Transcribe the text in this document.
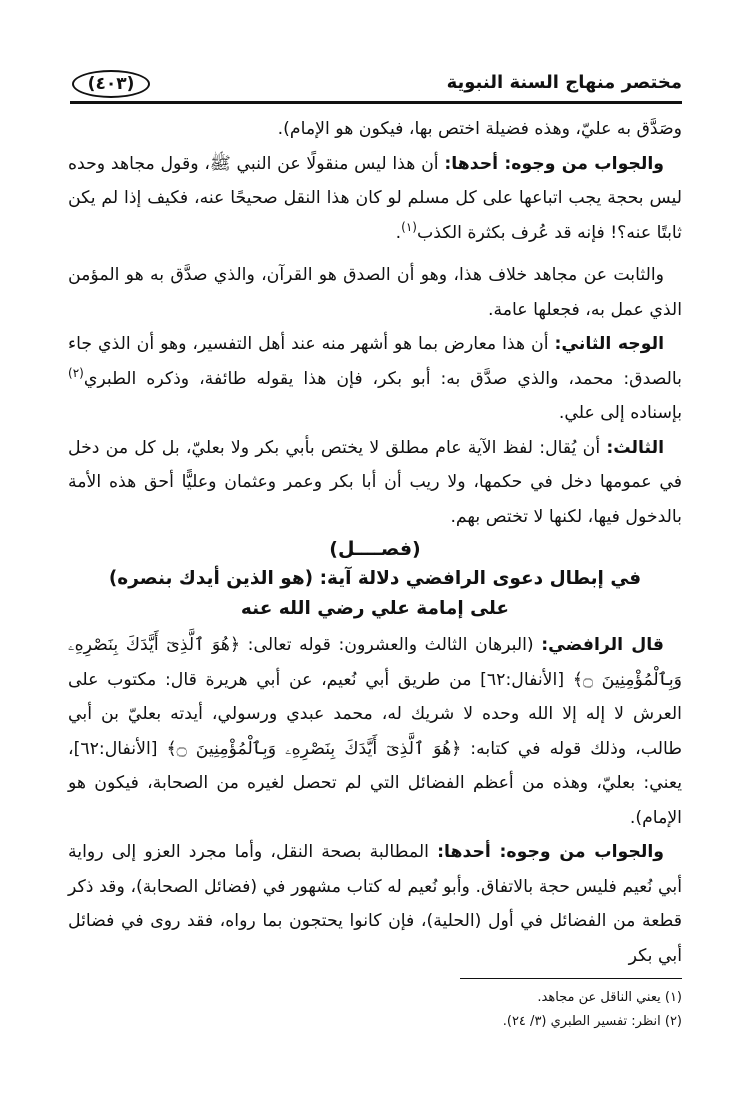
مختصر منهاج السنة النبوية
(٤٠٣)

وصَدَّق به عليّ، وهذه فضيلة اختص بها، فيكون هو الإمام).

والجواب من وجوه: أحدها: أن هذا ليس منقولًا عن النبي ﷺ، وقول مجاهد وحده ليس بحجة يجب اتباعها على كل مسلم لو كان هذا النقل صحيحًا عنه، فكيف إذا لم يكن ثابتًا عنه؟! فإنه قد عُرف بكثرة الكذب$^{(١)}$.

والثابت عن مجاهد خلاف هذا، وهو أن الصدق هو القرآن، والذي صدَّق به هو المؤمن الذي عمل به، فجعلها عامة.

الوجه الثاني: أن هذا معارض بما هو أشهر منه عند أهل التفسير، وهو أن الذي جاء بالصدق: محمد، والذي صدَّق به: أبو بكر، فإن هذا يقوله طائفة، وذكره الطبري$^{(٢)}$ بإسناده إلى علي.

الثالث: أن يُقال: لفظ الآية عام مطلق لا يختص بأبي بكر ولا بعليّ، بل كل من دخل في عمومها دخل في حكمها، ولا ريب أن أبا بكر وعمر وعثمان وعليًّا أحق هذه الأمة بالدخول فيها، لكنها لا تختص بهم.

(فصــــل)

في إبطال دعوى الرافضي دلالة آية: (هو الذين أيدك بنصره)

على إمامة علي رضي الله عنه

قال الرافضي: (البرهان الثالث والعشرون: قوله تعالى: ﴿هُوَ ٱلَّذِىٓ أَيَّدَكَ بِنَصْرِهِۦ وَبِٱلْمُؤْمِنِينَ ۝﴾ [الأنفال:٦٢] من طريق أبي نُعيم، عن أبي هريرة قال: مكتوب على العرش لا إله إلا الله وحده لا شريك له، محمد عبدي ورسولي، أيدته بعليّ بن أبي طالب، وذلك قوله في كتابه: ﴿هُوَ ٱلَّذِىٓ أَيَّدَكَ بِنَصْرِهِۦ وَبِٱلْمُؤْمِنِينَ ۝﴾ [الأنفال:٦٢]، يعني: بعليّ، وهذه من أعظم الفضائل التي لم تحصل لغيره من الصحابة، فيكون هو الإمام).

والجواب من وجوه: أحدها: المطالبة بصحة النقل، وأما مجرد العزو إلى رواية أبي نُعيم فليس حجة بالاتفاق. وأبو نُعيم له كتاب مشهور في (فضائل الصحابة)، وقد ذكر قطعة من الفضائل في أول (الحلية)، فإن كانوا يحتجون بما رواه، فقد روى في فضائل أبي بكر

(١) يعني الناقل عن مجاهد.

(٢) انظر: تفسير الطبري (٣/ ٢٤).
